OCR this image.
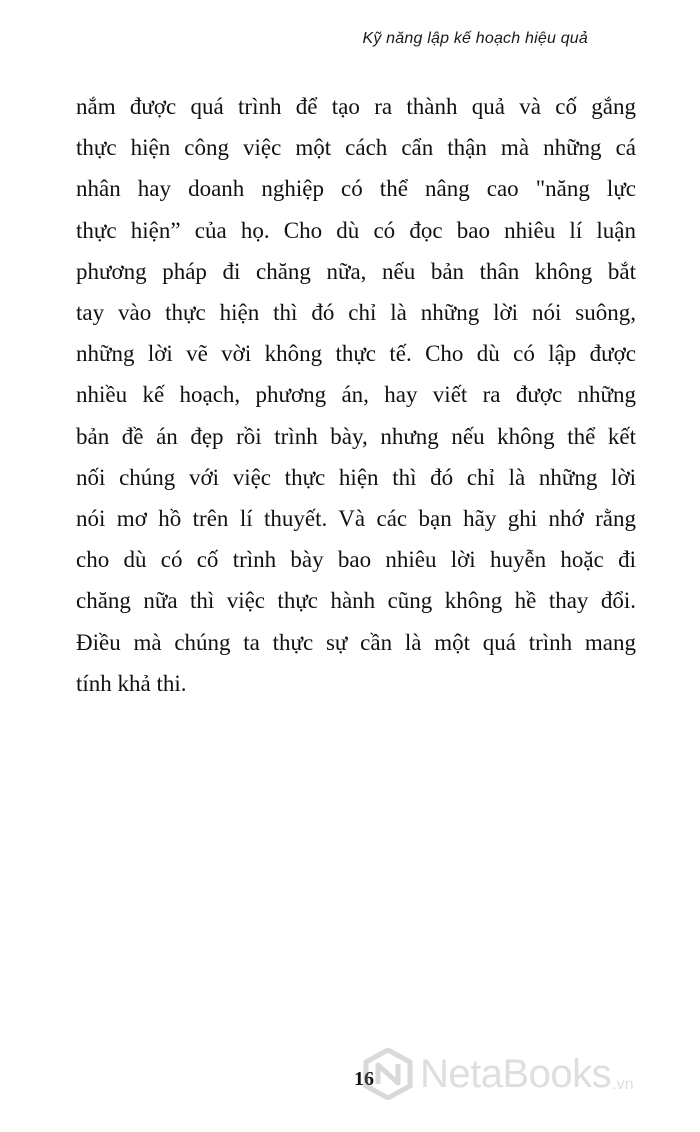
Kỹ năng lập kế hoạch hiệu quả
nắm được quá trình để tạo ra thành quả và cố gắng
thực hiện công việc một cách cẩn thận mà những cá
nhân hay doanh nghiệp có thể nâng cao "năng lực
thực hiện” của họ. Cho dù có đọc bao nhiêu lí luận
phương pháp đi chăng nữa, nếu bản thân không bắt
tay vào thực hiện thì đó chỉ là những lời nói suông,
những lời vẽ vời không thực tế. Cho dù có lập được
nhiều kế hoạch, phương án, hay viết ra được những
bản đề án đẹp rồi trình bày, nhưng nếu không thể kết
nối chúng với việc thực hiện thì đó chỉ là những lời
nói mơ hồ trên lí thuyết. Và các bạn hãy ghi nhớ rằng
cho dù có cố trình bày bao nhiêu lời huyễn hoặc đi
chăng nữa thì việc thực hành cũng không hề thay đổi.
Điều mà chúng ta thực sự cần là một quá trình mang
tính khả thi.
16 NetaBooks .vn
